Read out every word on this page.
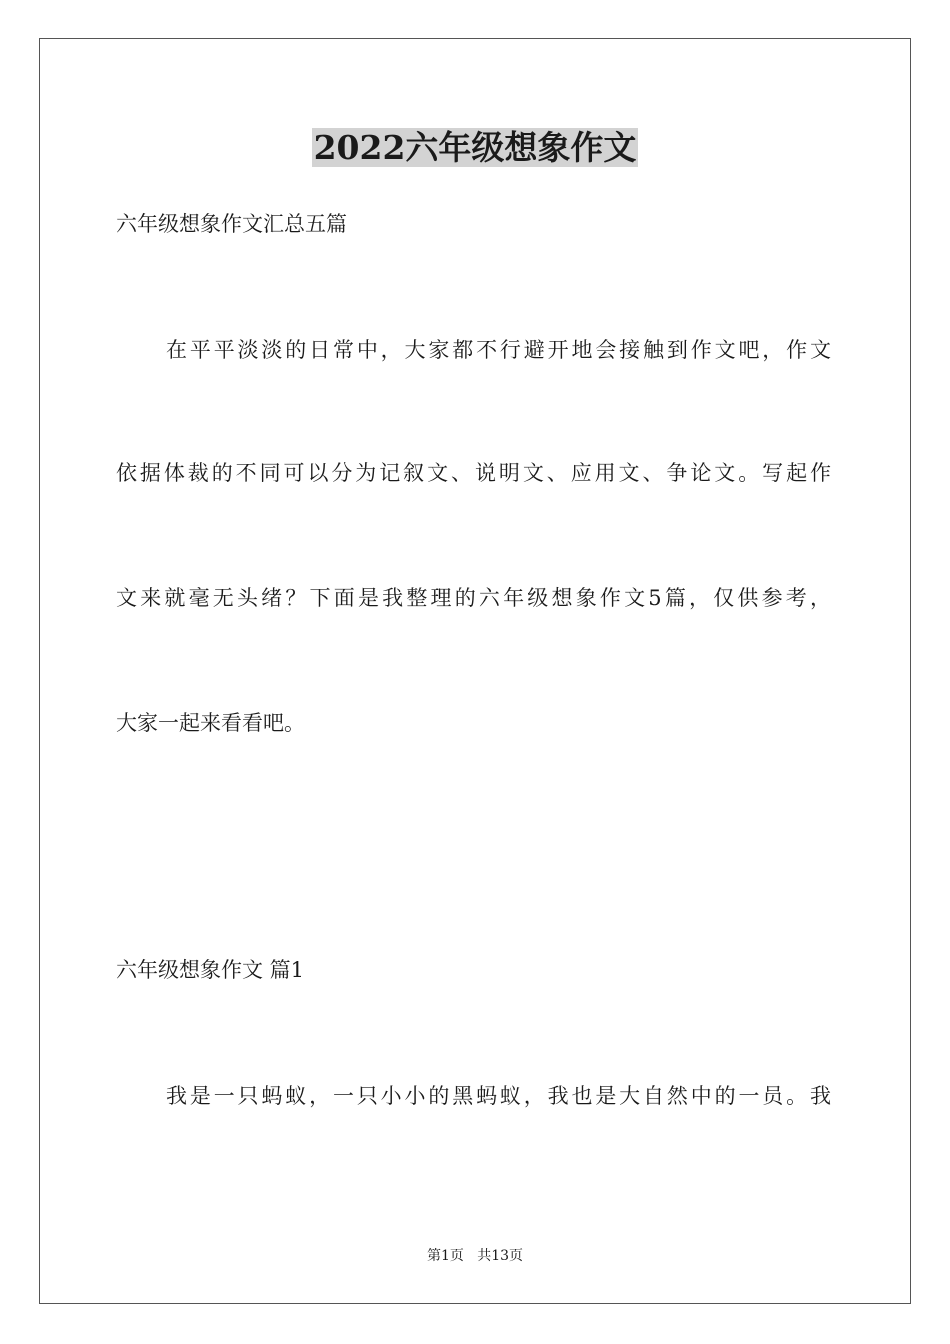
2022六年级想象作文

六年级想象作文汇总五篇

在平平淡淡的日常中，大家都不行避开地会接触到作文吧，作文

依据体裁的不同可以分为记叙文、说明文、应用文、争论文。写起作

文来就毫无头绪？下面是我整理的六年级想象作文5篇，仅供参考，

大家一起来看看吧。

六年级想象作文 篇1

我是一只蚂蚁，一只小小的黑蚂蚁，我也是大自然中的一员。我

第1页   共13页
